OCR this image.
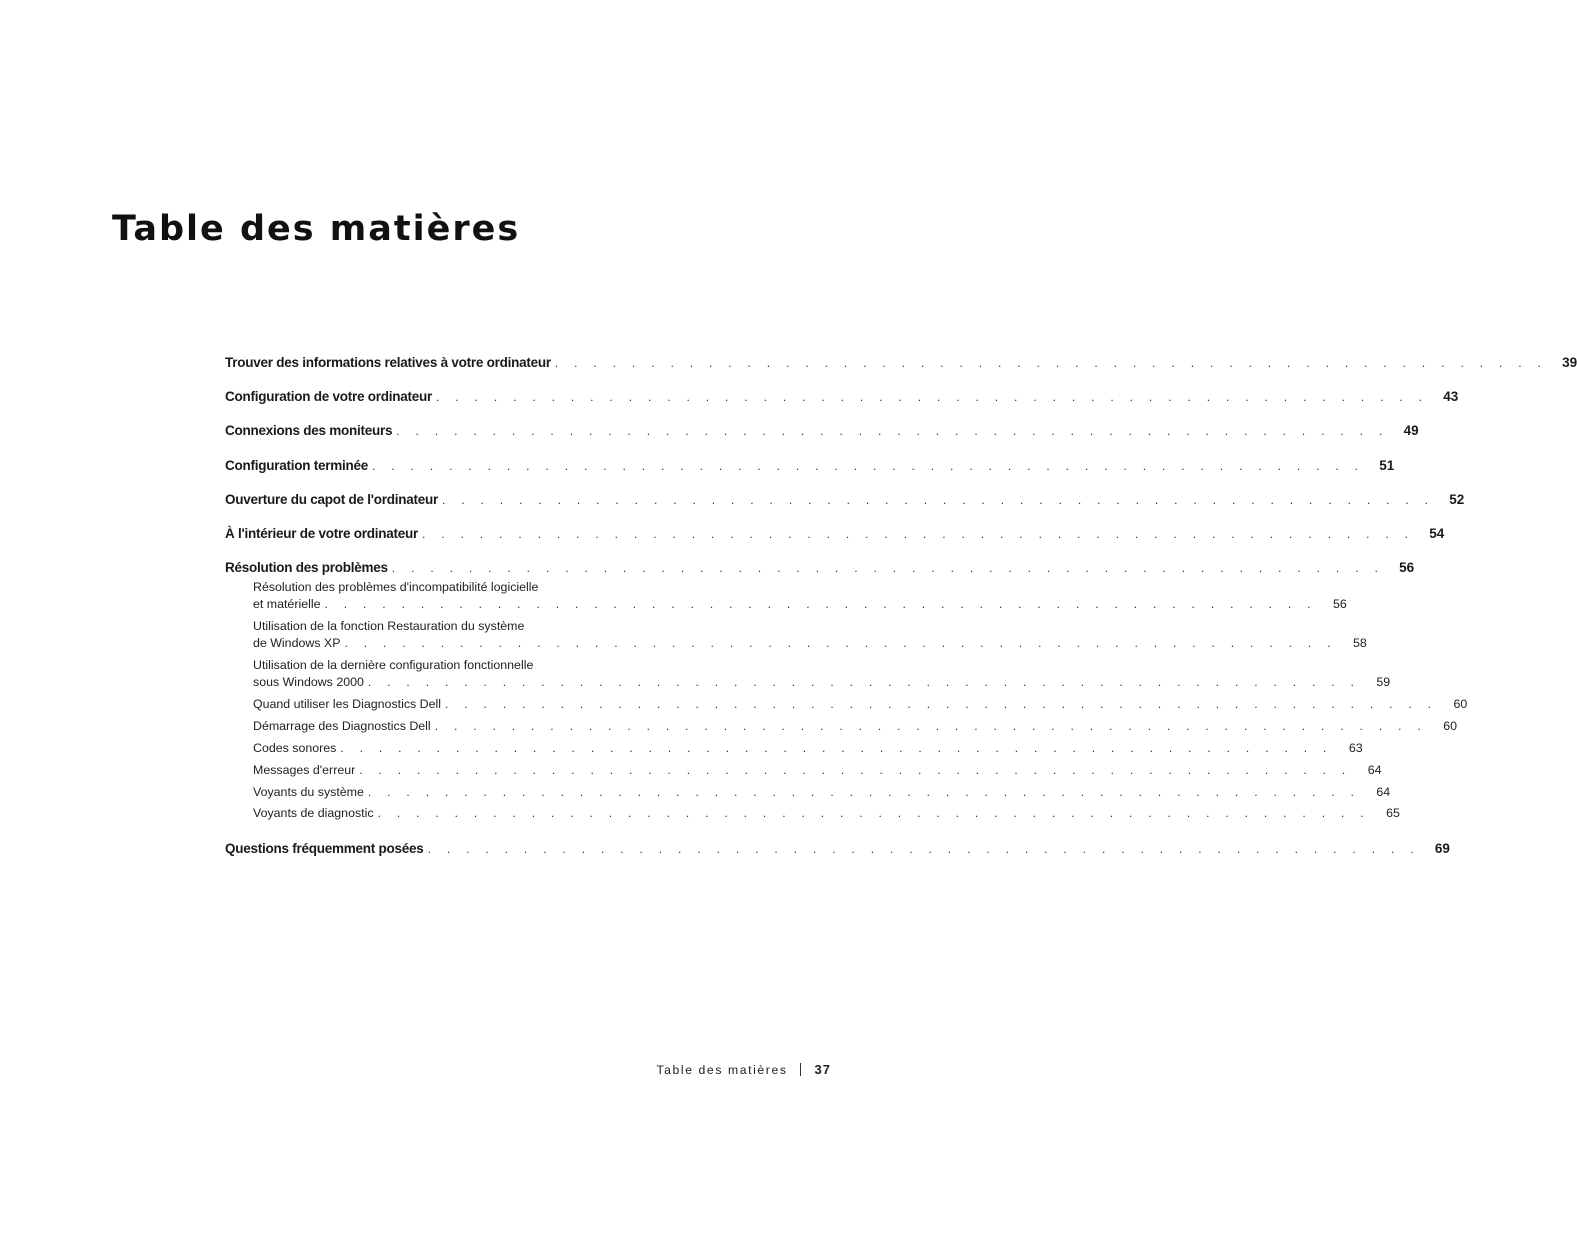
Table des matières
Trouver des informations relatives à votre ordinateur . . . . . . . . . . . . . . . . . . . . . . . . . . . . . . . . . . . . . . . . . . . . . . . . . . . .	39
Configuration de votre ordinateur . . . . . . . . . . . . . . . . . . . . . . . . . . . . . . . . . . . . . . . . . . . . . . . . . . . .	43
Connexions des moniteurs . . . . . . . . . . . . . . . . . . . . . . . . . . . . . . . . . . . . . . . . . . . . . . . . . . . .	49
Configuration terminée . . . . . . . . . . . . . . . . . . . . . . . . . . . . . . . . . . . . . . . . . . . . . . . . . . . .	51
Ouverture du capot de l'ordinateur . . . . . . . . . . . . . . . . . . . . . . . . . . . . . . . . . . . . . . . . . . . . . . . . . . . .	52
À l'intérieur de votre ordinateur . . . . . . . . . . . . . . . . . . . . . . . . . . . . . . . . . . . . . . . . . . . . . . . . . . . .	54
Résolution des problèmes . . . . . . . . . . . . . . . . . . . . . . . . . . . . . . . . . . . . . . . . . . . . . . . . . . . .	56
Résolution des problèmes d'incompatibilité logicielle
et matérielle . . . . . . . . . . . . . . . . . . . . . . . . . . . . . . . . . . . . . . . . . . . . . . . . . . . .	56
Utilisation de la fonction Restauration du système
de Windows XP . . . . . . . . . . . . . . . . . . . . . . . . . . . . . . . . . . . . . . . . . . . . . . . . . . . .	58
Utilisation de la dernière configuration fonctionnelle
sous Windows 2000 . . . . . . . . . . . . . . . . . . . . . . . . . . . . . . . . . . . . . . . . . . . . . . . . . . . .	59
Quand utiliser les Diagnostics Dell . . . . . . . . . . . . . . . . . . . . . . . . . . . . . . . . . . . . . . . . . . . . . . . . . . . .	60
Démarrage des Diagnostics Dell . . . . . . . . . . . . . . . . . . . . . . . . . . . . . . . . . . . . . . . . . . . . . . . . . . . .	60
Codes sonores . . . . . . . . . . . . . . . . . . . . . . . . . . . . . . . . . . . . . . . . . . . . . . . . . . . .	63
Messages d'erreur . . . . . . . . . . . . . . . . . . . . . . . . . . . . . . . . . . . . . . . . . . . . . . . . . . . .	64
Voyants du système . . . . . . . . . . . . . . . . . . . . . . . . . . . . . . . . . . . . . . . . . . . . . . . . . . . .	64
Voyants de diagnostic . . . . . . . . . . . . . . . . . . . . . . . . . . . . . . . . . . . . . . . . . . . . . . . . . . . .	65
Questions fréquemment posées . . . . . . . . . . . . . . . . . . . . . . . . . . . . . . . . . . . . . . . . . . . . . . . . . . . .	69
Table des matières 37
